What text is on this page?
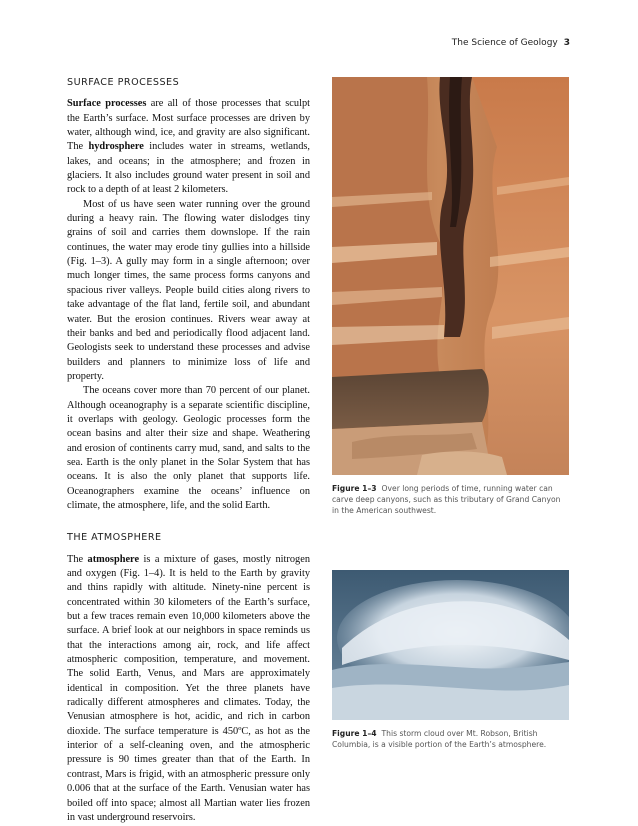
The Science of Geology 3
SURFACE PROCESSES

Surface processes are all of those processes that sculpt the Earth’s surface. Most surface processes are driven by water, although wind, ice, and gravity are also significant. The hydrosphere includes water in streams, wetlands, lakes, and oceans; in the atmosphere; and frozen in glaciers. It also includes ground water present in soil and rock to a depth of at least 2 kilometers.

Most of us have seen water running over the ground during a heavy rain. The flowing water dislodges tiny grains of soil and carries them downslope. If the rain continues, the water may erode tiny gullies into a hillside (Fig. 1–3). A gully may form in a single afternoon; over much longer times, the same process forms canyons and spacious river valleys. People build cities along rivers to take advantage of the flat land, fertile soil, and abundant water. But the erosion continues. Rivers wear away at their banks and bed and periodically flood adjacent land. Geologists seek to understand these processes and advise builders and planners to minimize loss of life and property.

The oceans cover more than 70 percent of our planet. Although oceanography is a separate scientific discipline, it overlaps with geology. Geologic processes form the ocean basins and alter their size and shape. Weathering and erosion of continents carry mud, sand, and salts to the sea. Earth is the only planet in the Solar System that has oceans. It is also the only planet that supports life. Oceanographers examine the oceans’ influence on climate, the atmosphere, life, and the solid Earth.

THE ATMOSPHERE

The atmosphere is a mixture of gases, mostly nitrogen and oxygen (Fig. 1–4). It is held to the Earth by gravity and thins rapidly with altitude. Ninety-nine percent is concentrated within 30 kilometers of the Earth’s surface, but a few traces remain even 10,000 kilometers above the surface. A brief look at our neighbors in space reminds us that the interactions among air, rock, and life affect atmospheric composition, temperature, and movement. The solid Earth, Venus, and Mars are approximately identical in composition. Yet the three planets have radically different atmospheres and climates. Today, the Venusian atmosphere is hot, acidic, and rich in carbon dioxide. The surface temperature is 450ºC, as hot as the interior of a self-cleaning oven, and the atmospheric pressure is 90 times greater than that of the Earth. In contrast, Mars is frigid, with an atmospheric pressure only 0.006 that at the surface of the Earth. Venusian water has boiled off into space; almost all Martian water lies frozen in vast underground reservoirs.

Figure 1–3 Over long periods of time, running water can carve deep canyons, such as this tributary of Grand Canyon in the American southwest.
Figure 1–4 This storm cloud over Mt. Robson, British Columbia, is a visible portion of the Earth’s atmosphere.
